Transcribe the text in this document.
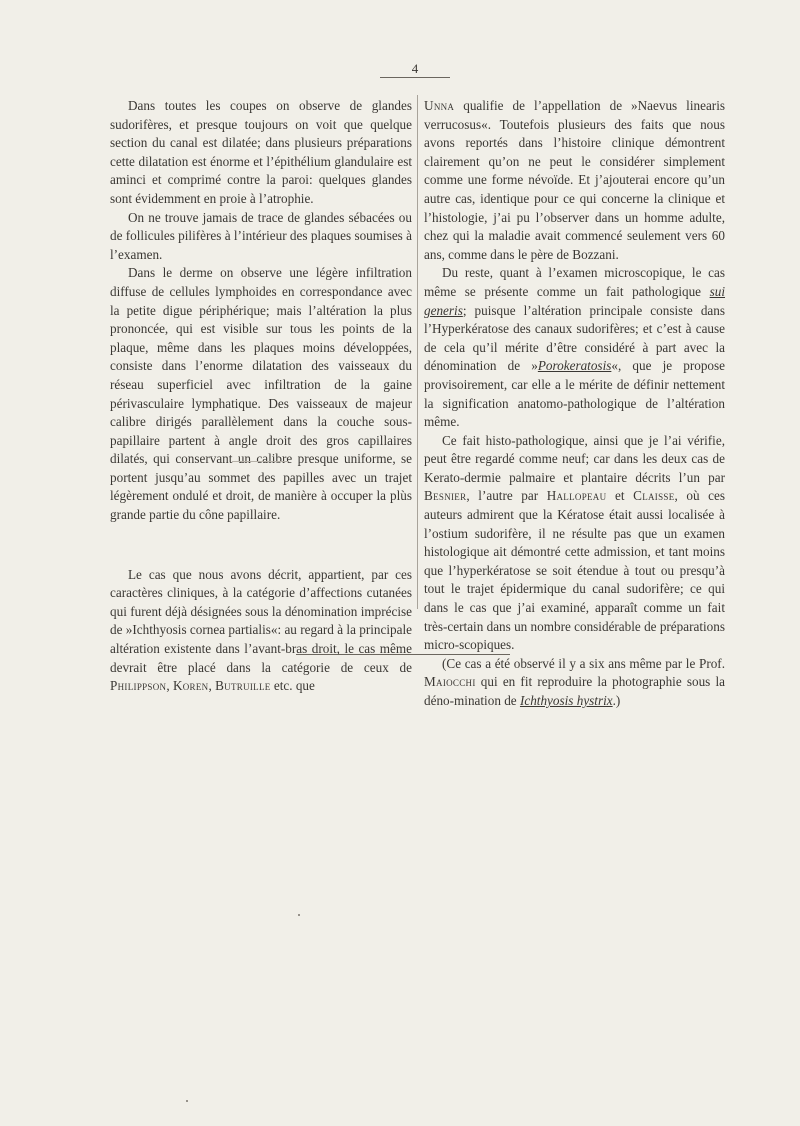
4

Dans toutes les coupes on observe de glandes sudorifères, et presque toujours on voit que quelque section du canal est dilatée; dans plusieurs préparations cette dilatation est énorme et l’épithélium glandulaire est aminci et comprimé contre la paroi: quelques glandes sont évidemment en proie à l’atrophie.

On ne trouve jamais de trace de glandes sébacées ou de follicules pilifères à l’intérieur des plaques soumises à l’examen.

Dans le derme on observe une légère infiltration diffuse de cellules lymphoides en correspondance avec la petite digue périphérique; mais l’altération la plus prononcée, qui est visible sur tous les points de la plaque, même dans les plaques moins développées, consiste dans l’enorme dilatation des vaisseaux du réseau superficiel avec infiltration de la gaine périvasculaire lymphatique. Des vaisseaux de majeur calibre dirigés parallèlement dans la couche sous-papillaire partent à angle droit des gros capillaires dilatés, qui conservant un calibre presque uniforme, se portent jusqu’au sommet des papilles avec un trajet légèrement ondulé et droit, de manière à occuper la plùs grande partie du cône papillaire.

Le cas que nous avons décrit, appartient, par ces caractères cliniques, à la catégorie d’affections cutanées qui furent déjà désignées sous la dénomination imprécise de »Ichthyosis cornea partialis«: au regard à la principale altération existente dans l’avant-bras droit, le cas même devrait être placé dans la catégorie de ceux de Philippson, Koren, Butruille etc. que

Unna qualifie de l’appellation de »Naevus linearis verrucosus«. Toutefois plusieurs des faits que nous avons reportés dans l’histoire clinique démontrent clairement qu’on ne peut le considérer simplement comme une forme névoïde. Et j’ajouterai encore qu’un autre cas, identique pour ce qui concerne la clinique et l’histologie, j’ai pu l’observer dans un homme adulte, chez qui la maladie avait commencé seulement vers 60 ans, comme dans le père de Bozzani.

Du reste, quant à l’examen microscopique, le cas même se présente comme un fait pathologique sui generis; puisque l’altération principale consiste dans l’Hyperkératose des canaux sudorifères; et c’est à cause de cela qu’il mérite d’être considéré à part avec la dénomination de »Porokeratosis«, que je propose provisoirement, car elle a le mérite de définir nettement la signification anatomo-pathologique de l’altération même.

Ce fait histo-pathologique, ainsi que je l’ai vérifie, peut être regardé comme neuf; car dans les deux cas de Kerato-dermie palmaire et plantaire décrits l’un par Besnier, l’autre par Hallopeau et Claisse, où ces auteurs admirent que la Kératose était aussi localisée à l’ostium sudorifère, il ne résulte pas que un examen histologique ait démontré cette admission, et tant moins que l’hyperkératose se soit étendue à tout ou presqu’à tout le trajet épidermique du canal sudorifère; ce qui dans le cas que j’ai examiné, apparaît comme un fait très-certain dans un nombre considérable de préparations micro-scopiques.

(Ce cas a été observé il y a six ans même par le Prof. Maiocchi qui en fit reproduire la photographie sous la déno-mination de Ichthyosis hystrix.)
